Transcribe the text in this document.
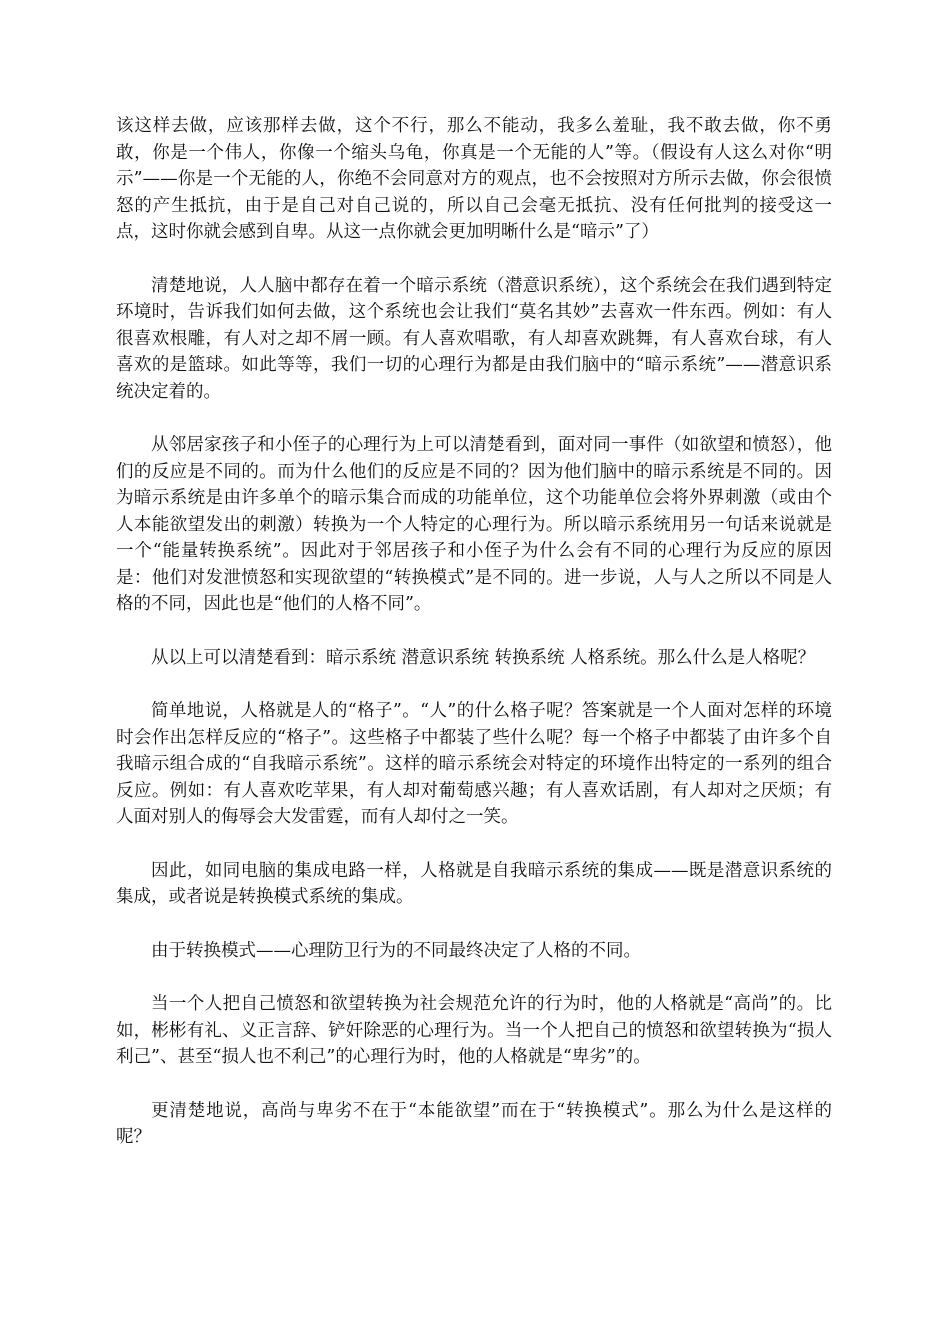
该这样去做，应该那样去做，这个不行，那么不能动，我多么羞耻，我不敢去做，你不勇敢，你是一个伟人，你像一个缩头乌龟，你真是一个无能的人”等。（假设有人这么对你“明示”——你是一个无能的人，你绝不会同意对方的观点，也不会按照对方所示去做，你会很愤怒的产生抵抗，由于是自己对自己说的，所以自己会毫无抵抗、没有任何批判的接受这一点，这时你就会感到自卑。从这一点你就会更加明晰什么是“暗示”了）

清楚地说，人人脑中都存在着一个暗示系统（潜意识系统），这个系统会在我们遇到特定环境时，告诉我们如何去做，这个系统也会让我们“莫名其妙”去喜欢一件东西。例如：有人很喜欢根雕，有人对之却不屑一顾。有人喜欢唱歌，有人却喜欢跳舞，有人喜欢台球，有人喜欢的是篮球。如此等等，我们一切的心理行为都是由我们脑中的“暗示系统”——潜意识系统决定着的。

从邻居家孩子和小侄子的心理行为上可以清楚看到，面对同一事件（如欲望和愤怒），他们的反应是不同的。而为什么他们的反应是不同的？因为他们脑中的暗示系统是不同的。因为暗示系统是由许多单个的暗示集合而成的功能单位，这个功能单位会将外界刺激（或由个人本能欲望发出的刺激）转换为一个人特定的心理行为。所以暗示系统用另一句话来说就是一个“能量转换系统”。因此对于邻居孩子和小侄子为什么会有不同的心理行为反应的原因是：他们对发泄愤怒和实现欲望的“转换模式”是不同的。进一步说，人与人之所以不同是人格的不同，因此也是“他们的人格不同”。

从以上可以清楚看到：暗示系统 潜意识系统 转换系统 人格系统。那么什么是人格呢？

简单地说，人格就是人的“格子”。“人”的什么格子呢？答案就是一个人面对怎样的环境时会作出怎样反应的“格子”。这些格子中都装了些什么呢？每一个格子中都装了由许多个自我暗示组合成的“自我暗示系统”。这样的暗示系统会对特定的环境作出特定的一系列的组合反应。例如：有人喜欢吃苹果，有人却对葡萄感兴趣；有人喜欢话剧，有人却对之厌烦；有人面对别人的侮辱会大发雷霆，而有人却付之一笑。

因此，如同电脑的集成电路一样，人格就是自我暗示系统的集成——既是潜意识系统的集成，或者说是转换模式系统的集成。

由于转换模式——心理防卫行为的不同最终决定了人格的不同。

当一个人把自己愤怒和欲望转换为社会规范允许的行为时，他的人格就是“高尚”的。比如，彬彬有礼、义正言辞、铲奸除恶的心理行为。当一个人把自己的愤怒和欲望转换为“损人利己”、甚至“损人也不利己”的心理行为时，他的人格就是“卑劣”的。

更清楚地说，高尚与卑劣不在于“本能欲望”而在于“转换模式”。那么为什么是这样的呢？
